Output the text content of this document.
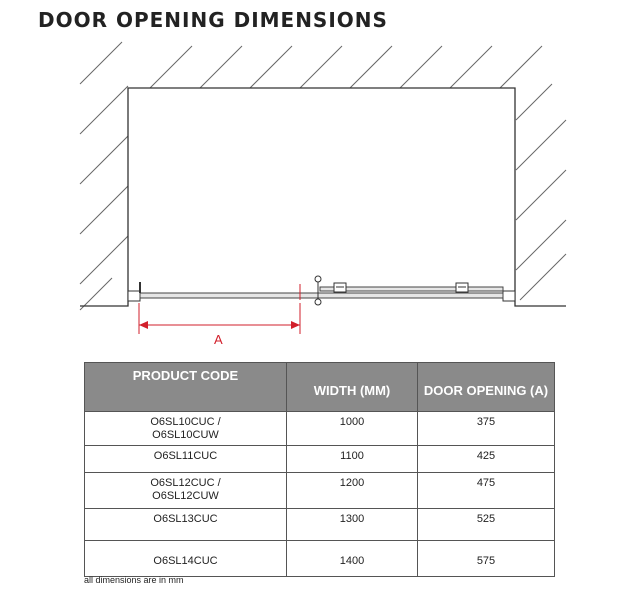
DOOR OPENING DIMENSIONS
A
PRODUCT CODE	WIDTH (MM)	DOOR OPENING (A)

O6SL10CUC /
O6SL10CUW	1000	375

O6SL11CUC	1100	425

O6SL12CUC /
O6SL12CUW	1200	475

O6SL13CUC	1300	525

O6SL14CUC	1400	575
all dimensions are in mm
